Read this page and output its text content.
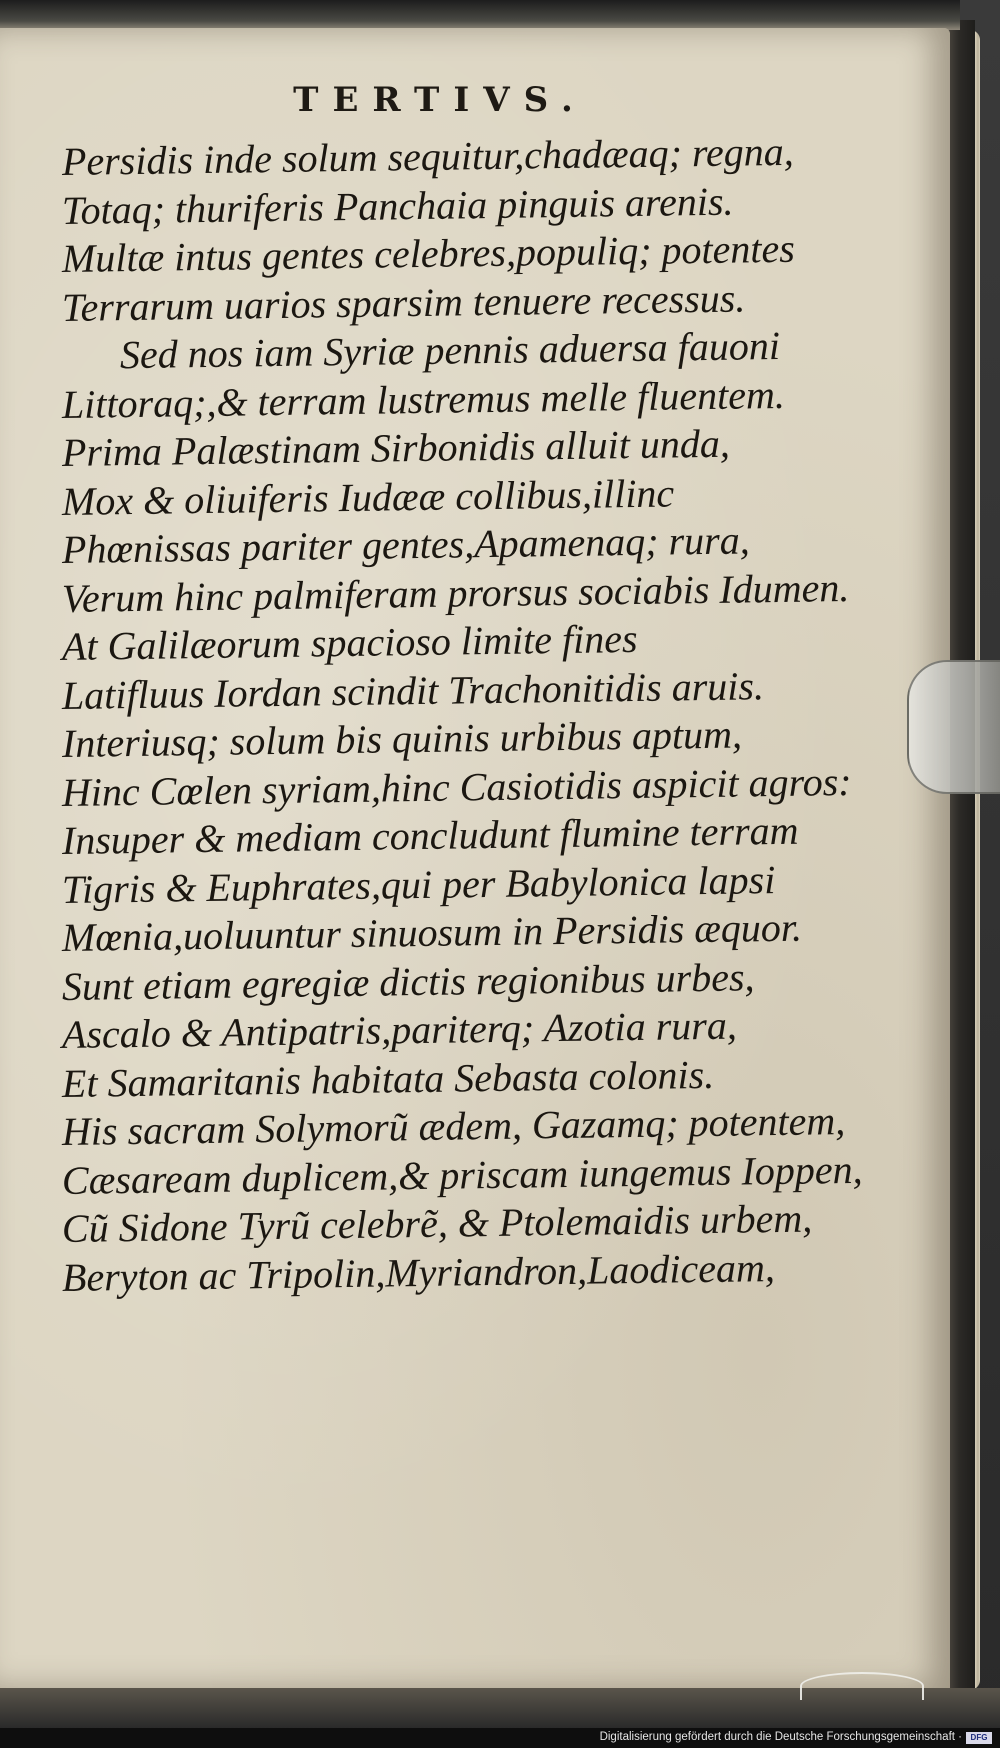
TERTIVS.
Persidis inde solum sequitur,chadæaq; regna,
Totaq; thuriferis Panchaia pinguis arenis.
Multæ intus gentes celebres,populiq; potentes
Terrarum uarios sparsim tenuere recessus.
Sed nos iam Syriæ pennis aduersa fauoni
Littoraq;,& terram lustremus melle fluentem.
Prima Palæstinam Sirbonidis alluit unda,
Mox & oliuiferis Iudææ collibus,illinc
Phœnissas pariter gentes,Apamenaq; rura,
Verum hinc palmiferam prorsus sociabis Idumen.
At Galilæorum spacioso limite fines
Latifluus Iordan scindit Trachonitidis aruis.
Interiusq; solum bis quinis urbibus aptum,
Hinc Cœlen syriam,hinc Casiotidis aspicit agros:
Insuper & mediam concludunt flumine terram
Tigris & Euphrates,qui per Babylonica lapsi
Mœnia,uoluuntur sinuosum in Persidis æquor.
Sunt etiam egregiæ dictis regionibus urbes,
Ascalo & Antipatris,pariterq; Azotia rura,
Et Samaritanis habitata Sebasta colonis.
His sacram Solymorũ ædem, Gazamq; potentem,
Cæsaream duplicem,& priscam iungemus Ioppen,
Cũ Sidone Tyrũ celebrẽ, & Ptolemaidis urbem,
Beryton ac Tripolin,Myriandron,Laodiceam,
Digitalisierung gefördert durch die Deutsche Forschungsgemeinschaft ·	DFG
